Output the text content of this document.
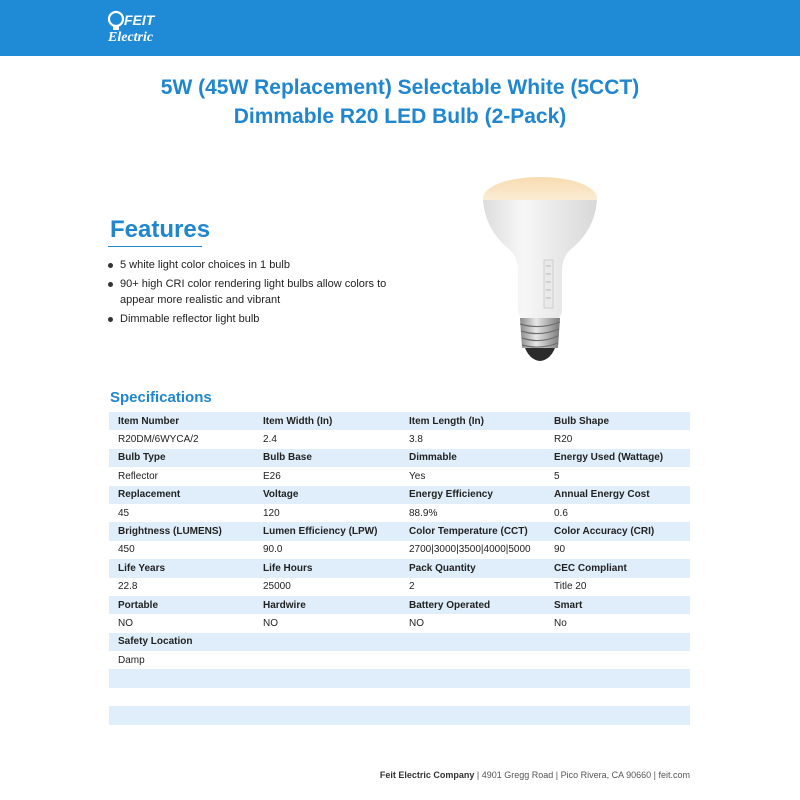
FEIT
Electric
5W (45W Replacement) Selectable White (5CCT)
Dimmable R20 LED Bulb (2-Pack)
Features
5 white light color choices in 1 bulb
90+ high CRI color rendering light bulbs allow colors to appear more realistic and vibrant
Dimmable reflector light bulb
Specifications
Item Number	Item Width (In)	Item Length (In)	Bulb Shape
R20DM/6WYCA/2	2.4	3.8	R20
Bulb Type	Bulb Base	Dimmable	Energy Used (Wattage)
Reflector	E26	Yes	5
Replacement	Voltage	Energy Efficiency	Annual Energy Cost
45	120	88.9%	0.6
Brightness (LUMENS)	Lumen Efficiency (LPW)	Color Temperature (CCT)	Color Accuracy (CRI)
450	90.0	2700|3000|3500|4000|5000	90
Life Years	Life Hours	Pack Quantity	CEC Compliant
22.8	25000	2	Title 20
Portable	Hardwire	Battery Operated	Smart
NO	NO	NO	No
Safety Location			
Damp			

Feit Electric Company | 4901 Gregg Road | Pico Rivera, CA 90660 | feit.com
